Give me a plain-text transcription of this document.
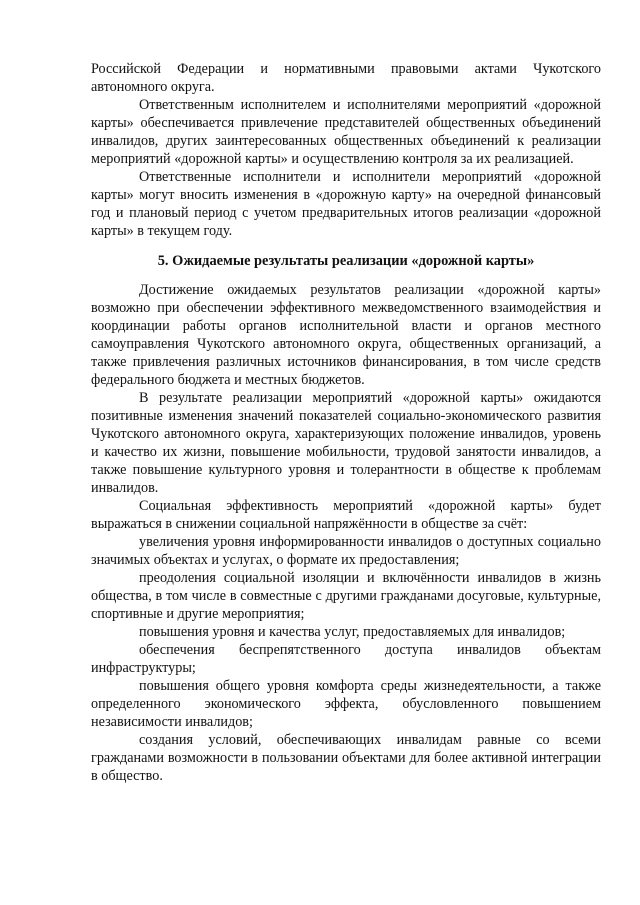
Российской Федерации и нормативными правовыми актами Чукотского автономного округа.

Ответственным исполнителем и исполнителями мероприятий «дорожной карты» обеспечивается привлечение представителей общественных объединений инвалидов, других заинтересованных общественных объединений к реализации мероприятий «дорожной карты» и осуществлению контроля за их реализацией.

Ответственные исполнители и исполнители мероприятий «дорожной карты» могут вносить изменения в «дорожную карту» на очередной финансовый год и плановый период с учетом предварительных итогов реализации «дорожной карты» в текущем году.

5. Ожидаемые результаты реализации «дорожной карты»

Достижение ожидаемых результатов реализации «дорожной карты» возможно при обеспечении эффективного межведомственного взаимодействия и координации работы органов исполнительной власти и органов местного самоуправления Чукотского автономного округа, общественных организаций, а также привлечения различных источников финансирования, в том числе средств федерального бюджета и местных бюджетов.

В результате реализации мероприятий «дорожной карты» ожидаются позитивные изменения значений показателей социально-экономического развития Чукотского автономного округа, характеризующих положение инвалидов, уровень и качество их жизни, повышение мобильности, трудовой занятости инвалидов, а также повышение культурного уровня и толерантности в обществе к проблемам инвалидов.

Социальная эффективность мероприятий «дорожной карты» будет выражаться в снижении социальной напряжённости в обществе за счёт:

увеличения уровня информированности инвалидов о доступных социально значимых объектах и услугах, о формате их предоставления;

преодоления социальной изоляции и включённости инвалидов в жизнь общества, в том числе в совместные с другими гражданами досуговые, культурные, спортивные и другие мероприятия;

повышения уровня и качества услуг, предоставляемых для инвалидов;

обеспечения беспрепятственного доступа инвалидов объектам инфраструктуры;

повышения общего уровня комфорта среды жизнедеятельности, а также определенного экономического эффекта, обусловленного повышением независимости инвалидов;

создания условий, обеспечивающих инвалидам равные со всеми гражданами возможности в пользовании объектами для более активной интеграции в общество.
